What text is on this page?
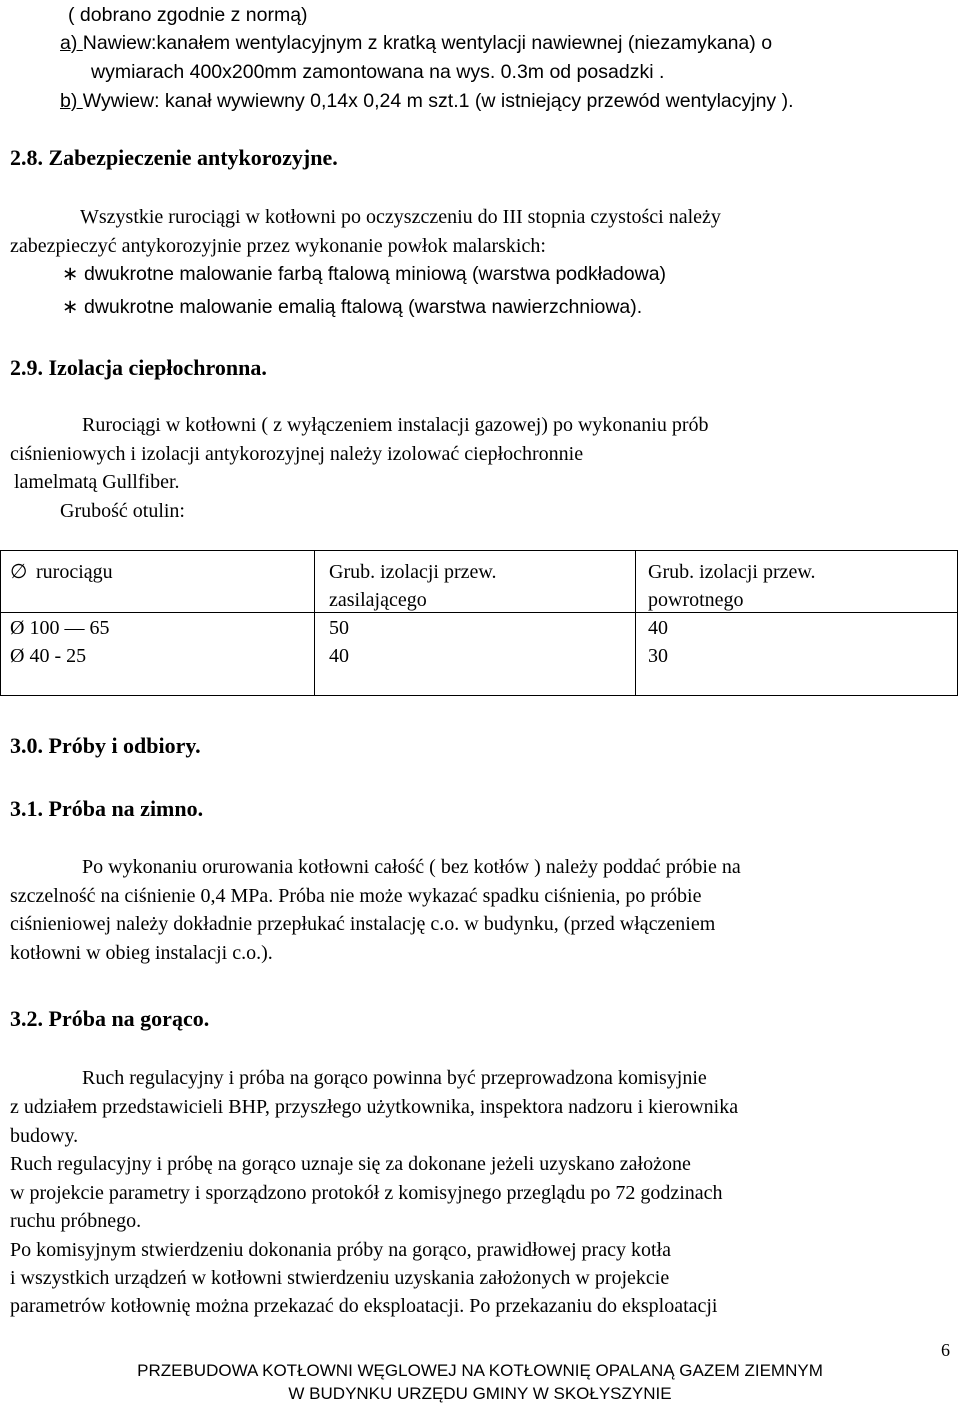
( dobrano zgodnie z normą)
a) Nawiew:kanałem wentylacyjnym z kratką wentylacji nawiewnej (niezamykana) o
wymiarach 400x200mm zamontowana na wys. 0.3m od posadzki .
b) Wywiew: kanał wywiewny 0,14x 0,24 m szt.1 (w istniejący przewód wentylacyjny ).
2.8. Zabezpieczenie antykorozyjne.
Wszystkie rurociągi w kotłowni po oczyszczeniu do III stopnia czystości należy
zabezpieczyć antykorozyjnie przez wykonanie powłok malarskich:
∗ dwukrotne malowanie farbą ftalową miniową (warstwa podkładowa)
∗ dwukrotne malowanie emalią ftalową (warstwa nawierzchniowa).
2.9. Izolacja ciepłochronna.
Rurociągi w kotłowni ( z wyłączeniem instalacji gazowej) po wykonaniu prób
ciśnieniowych i izolacji antykorozyjnej należy izolować ciepłochronnie
lamelmatą Gullfiber.
Grubość otulin:
∅ rurociągu	Grub. izolacji przew.
zasilającego
Grub. izolacji przew.
powrotnego
Ø 100 — 65
Ø 40 - 25
50
40
40
30
3.0. Próby i odbiory.
3.1. Próba na zimno.
Po wykonaniu orurowania kotłowni całość ( bez kotłów ) należy poddać próbie na
szczelność na ciśnienie 0,4 MPa. Próba nie może wykazać spadku ciśnienia, po próbie
ciśnieniowej należy dokładnie przepłukać instalację c.o. w budynku, (przed włączeniem
kotłowni w obieg instalacji c.o.).
3.2. Próba na gorąco.
Ruch regulacyjny i próba na gorąco powinna być przeprowadzona komisyjnie
z udziałem przedstawicieli BHP, przyszłego użytkownika, inspektora nadzoru i kierownika
budowy.
Ruch regulacyjny i próbę na gorąco uznaje się za dokonane jeżeli uzyskano założone
w projekcie parametry i sporządzono protokół z komisyjnego przeglądu po 72 godzinach
ruchu próbnego.
Po komisyjnym stwierdzeniu dokonania próby na gorąco, prawidłowej pracy kotła
i wszystkich urządzeń w kotłowni stwierdzeniu uzyskania założonych w projekcie
parametrów kotłownię można przekazać do eksploatacji. Po przekazaniu do eksploatacji
6
PRZEBUDOWA KOTŁOWNI WĘGLOWEJ NA KOTŁOWNIĘ OPALANĄ GAZEM ZIEMNYM
W BUDYNKU URZĘDU GMINY W SKOŁYSZYNIE
